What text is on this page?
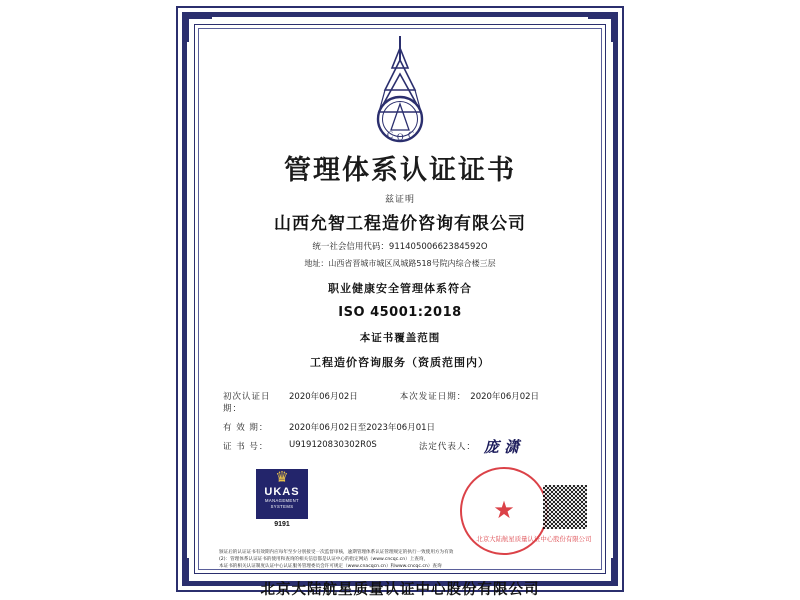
C Q C
管理体系认证证书
兹证明
山西允智工程造价咨询有限公司
统一社会信用代码：91140500662384592O
地址：山西省晋城市城区凤城路518号院内综合楼三层
职业健康安全管理体系符合
ISO 45001:2018
本证书覆盖范围
工程造价咨询服务（资质范围内）
初次认证日期：
2020年06月02日	本次发证日期： 2020年06月02日
有 效 期：	2020年06月02日至2023年06月01日
证 书 号：	U919120830302R0S	法定代表人： 庞 潇
♛
UKAS
MANAGEMENT
SYSTEMS
9191
北京大陆航星质量认证中心股份有限公司
★
颁证后的认证证书有效期内应每年至少分别接受一次监督审核，逾期管理体系认证管理规定的执行一致使用方为有效
(2)：管理体系认证证书的使用和查询的相关信息都是认证中心的指定网站（www.cncqc.cn）上查询，
本证书的相关认证制度认证中心认证服务管理委员会许可规定（www.cnacqcn.cn）和www.cncqc.cn）查询
北京大陆航星质量认证中心股份有限公司
